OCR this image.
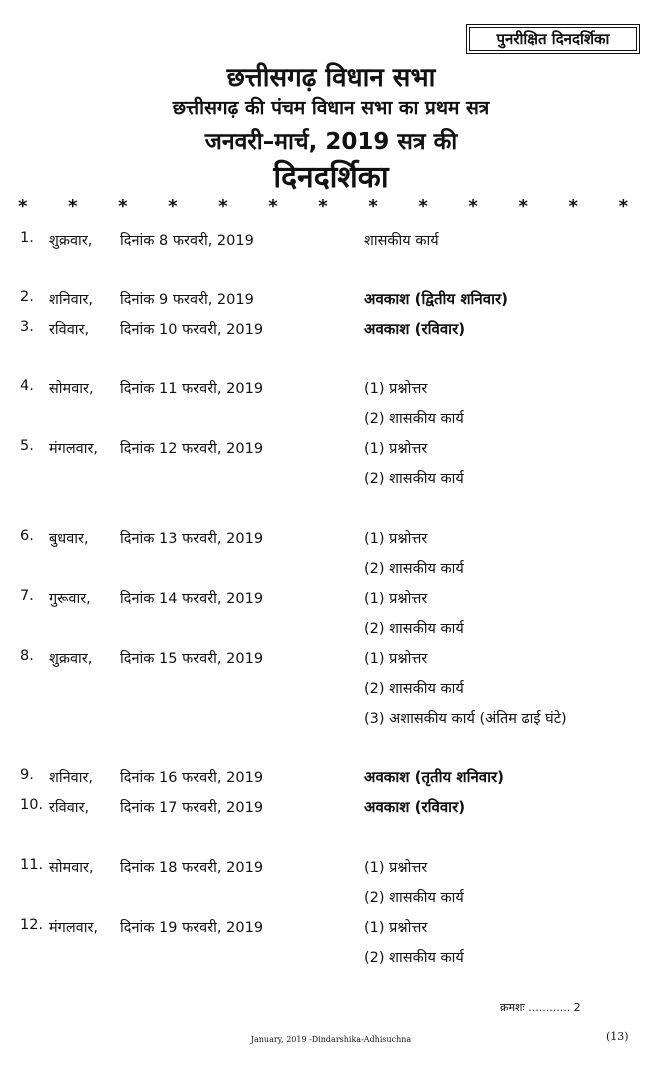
पुनरीक्षित दिनदर्शिका
छत्तीसगढ़ विधान सभा
छत्तीसगढ़ की पंचम विधान सभा का प्रथम सत्र
जनवरी–मार्च, 2019 सत्र की
दिनदर्शिका
* * * * * * * * * * * * *
1. शुक्रवार, दिनांक 8 फरवरी, 2019	शासकीय कार्य
2. शनिवार, दिनांक 9 फरवरी, 2019	अवकाश (द्वितीय शनिवार)
3. रविवार, दिनांक 10 फरवरी, 2019	अवकाश (रविवार)
4. सोमवार, दिनांक 11 फरवरी, 2019	(1) प्रश्नोत्तर
(2) शासकीय कार्य
5. मंगलवार, दिनांक 12 फरवरी, 2019	(1) प्रश्नोत्तर
(2) शासकीय कार्य
6. बुधवार, दिनांक 13 फरवरी, 2019	(1) प्रश्नोत्तर
(2) शासकीय कार्य
7. गुरूवार, दिनांक 14 फरवरी, 2019	(1) प्रश्नोत्तर
(2) शासकीय कार्य
8. शुक्रवार, दिनांक 15 फरवरी, 2019	(1) प्रश्नोत्तर
(2) शासकीय कार्य
(3) अशासकीय कार्य (अंतिम ढाई घंटे)
9. शनिवार, दिनांक 16 फरवरी, 2019	अवकाश (तृतीय शनिवार)
10. रविवार, दिनांक 17 फरवरी, 2019	अवकाश (रविवार)
11. सोमवार, दिनांक 18 फरवरी, 2019	(1) प्रश्नोत्तर
(2) शासकीय कार्य
12. मंगलवार, दिनांक 19 फरवरी, 2019	(1) प्रश्नोत्तर
(2) शासकीय कार्य
क्रमशः ............ 2
January, 2019 -Dindarshika-Adhisuchna	(13)
